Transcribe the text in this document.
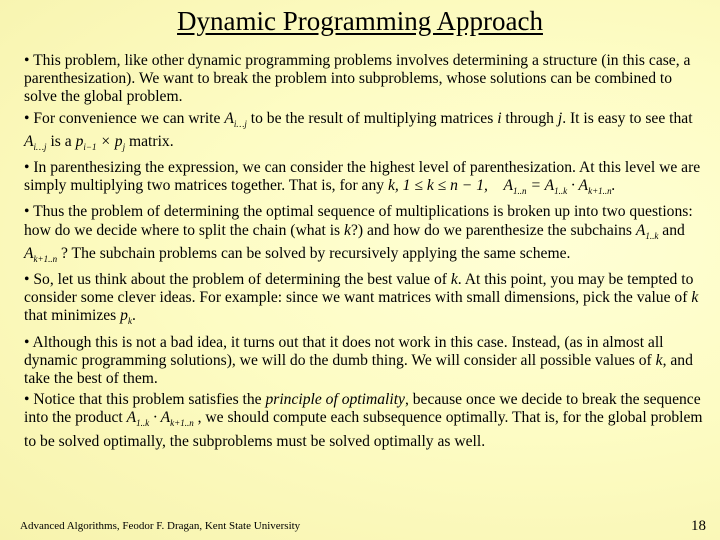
Dynamic Programming Approach

• This problem, like other dynamic programming problems involves determining a structure (in this case, a parenthesization). We want to break the problem into subproblems, whose solutions can be combined to solve the global problem.

• For convenience we can write $A_{i\dots j}$ to be the result of multiplying matrices i through j. It is easy to see that $A_{i\dots j}$ is a $p_{i-1} \times p_j$ matrix.

• In parenthesizing the expression, we can consider the highest level of parenthesization. At this level we are simply multiplying two matrices together. That is, for any k, 1 ≤ k ≤ n − 1, $A_{1..n} = A_{1..k} \cdot A_{k+1..n}$.

• Thus the problem of determining the optimal sequence of multiplications is broken up into two questions: how do we decide where to split the chain (what is k?) and how do we parenthesize the subchains $A_{1..k}$ and $A_{k+1..n}$ ? The subchain problems can be solved by recursively applying the same scheme.

• So, let us think about the problem of determining the best value of k. At this point, you may be tempted to consider some clever ideas. For example: since we want matrices with small dimensions, pick the value of k that minimizes $p_k$.

• Although this is not a bad idea, it turns out that it does not work in this case. Instead, (as in almost all dynamic programming solutions), we will do the dumb thing. We will consider all possible values of k, and take the best of them.

• Notice that this problem satisfies the principle of optimality, because once we decide to break the sequence into the product $A_{1..k} \cdot A_{k+1..n}$ , we should compute each subsequence optimally. That is, for the global problem to be solved optimally, the subproblems must be solved optimally as well.

Advanced Algorithms, Feodor F. Dragan, Kent State University	18
